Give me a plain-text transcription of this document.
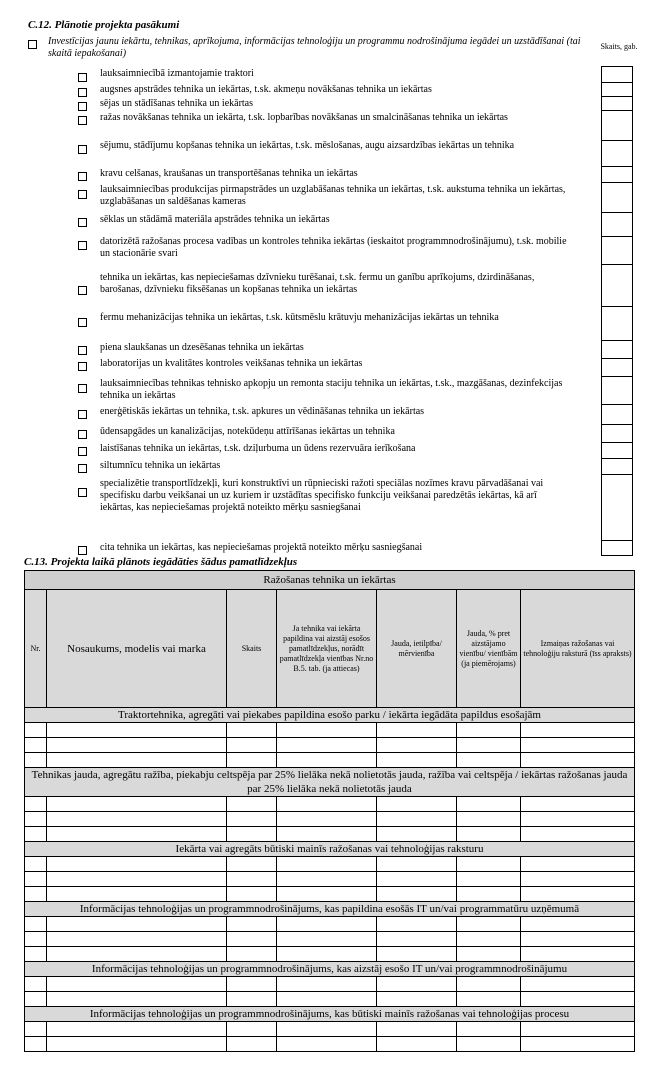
C.12. Plānotie projekta pasākumi
Investīcijas jaunu iekārtu, tehnikas, aprīkojuma, informācijas tehnoloģiju un programmu nodrošinājuma iegādei un uzstādīšanai (tai skaitā iepakošanai)
Skaits, gab.
lauksaimniecībā izmantojamie traktori
augsnes apstrādes tehnika un iekārtas, t.sk. akmeņu novākšanas tehnika un iekārtas
sējas un stādīšanas tehnika un iekārtas
ražas novākšanas tehnika un iekārta, t.sk. lopbarības novākšanas un smalcināšanas tehnika un iekārtas
sējumu, stādījumu kopšanas tehnika un iekārtas, t.sk. mēslošanas, augu aizsardzības iekārtas un tehnika
kravu celšanas, kraušanas un transportēšanas tehnika un iekārtas
lauksaimniecības produkcijas pirmapstrādes un uzglabāšanas tehnika un iekārtas, t.sk. aukstuma tehnika un iekārtas, uzglabāšanas un saldēšanas kameras
sēklas un stādāmā materiāla apstrādes tehnika un iekārtas
datorizētā ražošanas procesa vadības un kontroles tehnika iekārtas (ieskaitot programmnodrošinājumu), t.sk. mobilie un stacionārie svari
tehnika un iekārtas, kas nepieciešamas dzīvnieku turēšanai, t.sk. fermu un ganību aprīkojums, dzirdināšanas, barošanas, dzīvnieku fiksēšanas un kopšanas tehnika un iekārtas
fermu mehanizācijas tehnika un iekārtas, t.sk. kūtsmēslu krātuvju mehanizācijas iekārtas un tehnika
piena slaukšanas un dzesēšanas tehnika un iekārtas
laboratorijas un kvalitātes kontroles veikšanas tehnika un iekārtas
lauksaimniecības tehnikas tehnisko apkopju un remonta staciju tehnika un iekārtas, t.sk., mazgāšanas, dezinfekcijas tehnika un iekārtas
enerģētiskās iekārtas un tehnika, t.sk. apkures un vēdināšanas tehnika un iekārtas
ūdensapgādes un kanalizācijas, notekūdeņu attīrīšanas iekārtas un tehnika
laistīšanas tehnika un iekārtas, t.sk. dziļurbuma un ūdens rezervuāra ierīkošana
siltumnīcu tehnika un iekārtas
specializētie transportlīdzekļi, kuri konstruktīvi un rūpnieciski ražoti speciālas nozīmes kravu pārvadāšanai vai specifisku darbu veikšanai un uz kuriem ir uzstādītas specifisko funkciju veikšanai paredzētās iekārtas, kā arī iekārtas, kas nepieciešamas projektā noteikto mērķu sasniegšanai
cita tehnika un iekārtas, kas nepieciešamas projektā noteikto mērķu sasniegšanai
C.13. Projekta laikā plānots iegādāties šādus pamatlīdzekļus
Ražošanas tehnika un iekārtas						
Nr.	Nosaukums, modelis vai marka	Skaits	Ja tehnika vai iekārta papildina vai aizstāj esošos pamatlīdzekļus, norādīt pamatlīdzekļa vienības Nr.no B.5. tab. (ja attiecas)	Jauda, ietilpība/ mērvienība	Jauda, % pret aizstājamo vienību/ vienībām (ja piemērojams)	Izmaiņas ražošanas vai tehnoloģiju raksturā (īss apraksts)
Traktortehnika, agregāti vai piekabes papildina esošo parku / iekārta iegādāta papildus esošajām						

Tehnikas jauda, agregātu ražība, piekabju celtspēja par 25% lielāka nekā nolietotās jauda, ražība vai celtspēja / iekārtas ražošanas jauda par 25% lielāka nekā nolietotās jauda						

Iekārta vai agregāts būtiski mainīs ražošanas vai tehnoloģijas raksturu						

Informācijas tehnoloģijas un programmnodrošinājums, kas papildina esošās IT un/vai programmatūru uzņēmumā						

Informācijas tehnoloģijas un programmnodrošinājums, kas aizstāj esošo IT un/vai programmnodrošinājumu						

Informācijas tehnoloģijas un programmnodrošinājums, kas būtiski mainīs ražošanas vai tehnoloģijas procesu						
